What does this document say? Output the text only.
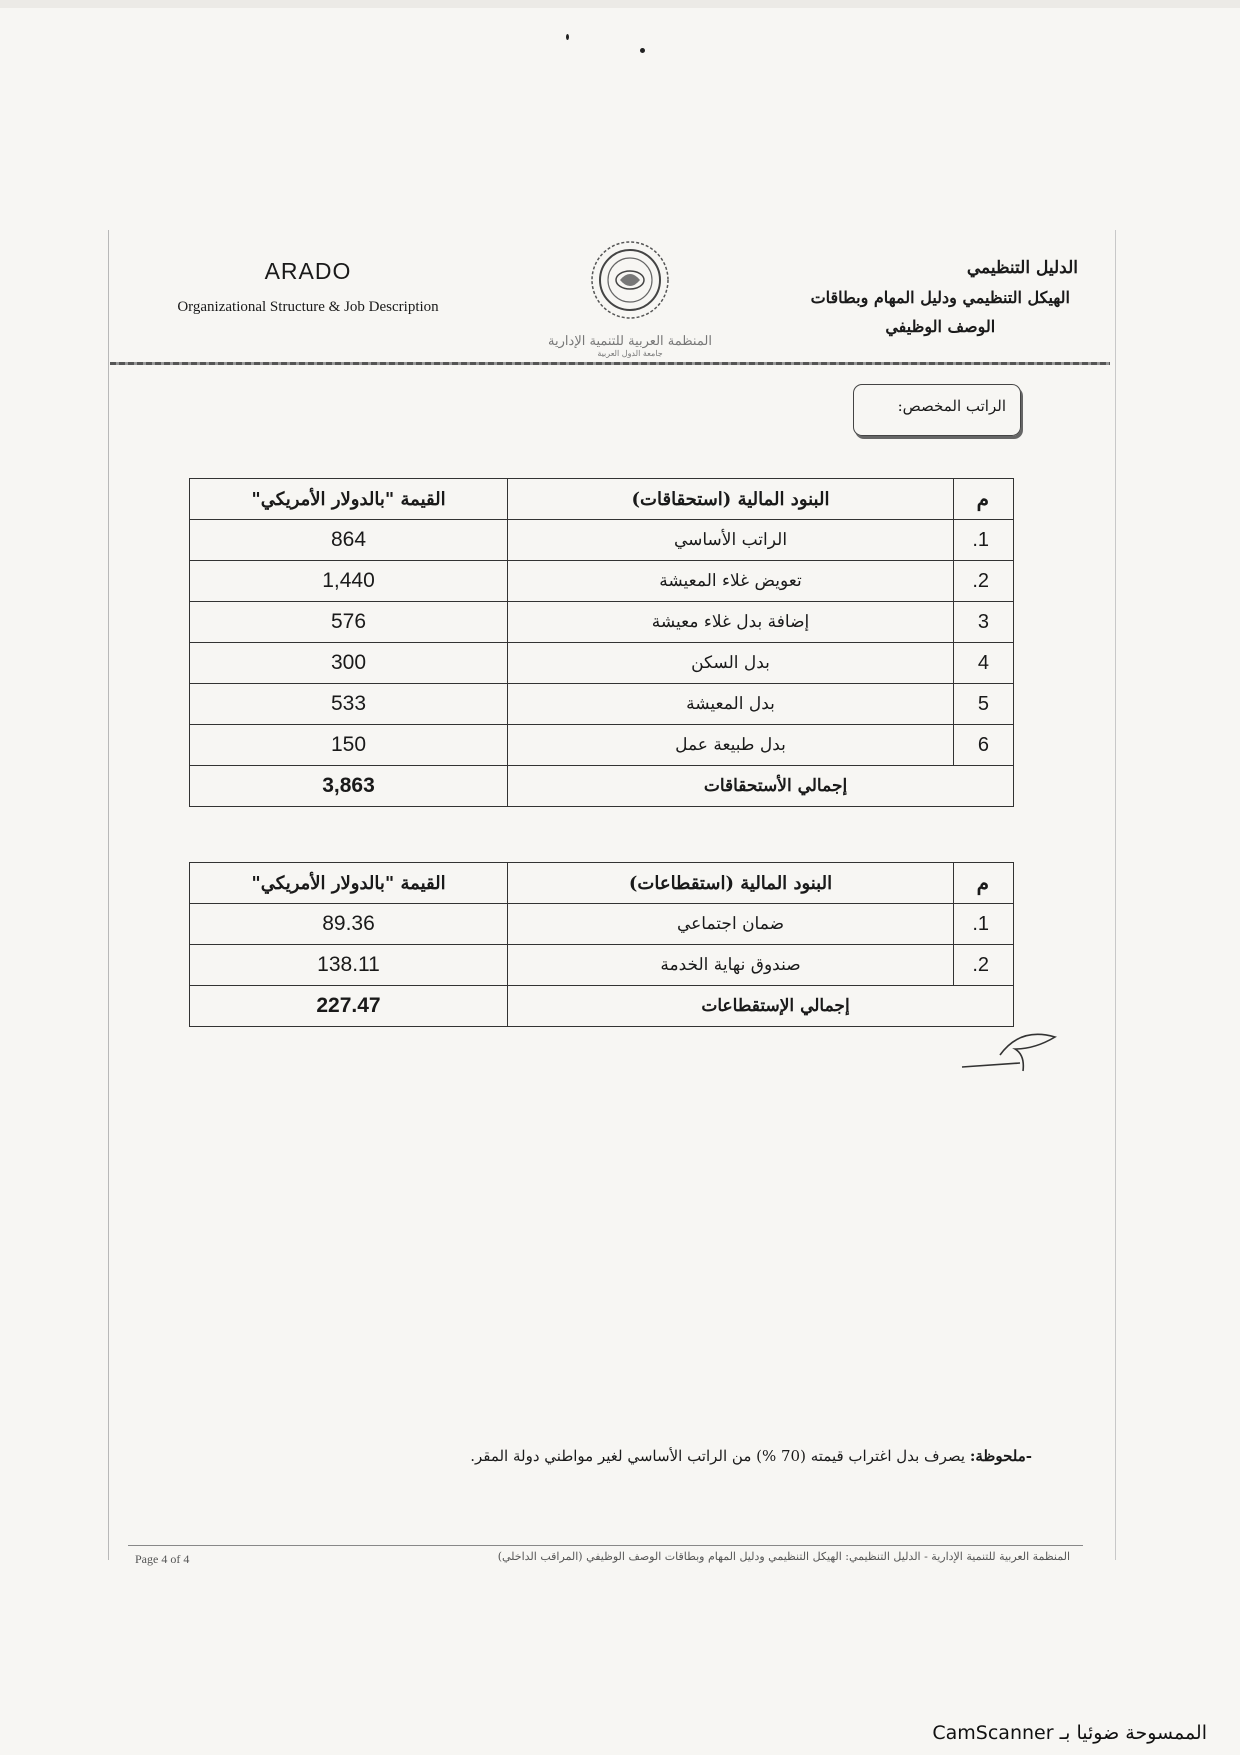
ARADO
Organizational Structure & Job Description
المنظمة العربية للتنمية الإدارية
جامعة الدول العربية
الدليل التنظيمي
الهيكل التنظيمي ودليل المهام وبطاقات
الوصف الوظيفي
الراتب المخصص:
م	البنود المالية (استحقاقات)	القيمة "بالدولار الأمريكي"
1.	الراتب الأساسي	864
2.	تعويض غلاء المعيشة	1,440
3	إضافة بدل غلاء معيشة	576
4	بدل السكن	300
5	بدل المعيشة	533
6	بدل طبيعة عمل	150
إجمالي الأستحقاقات		3,863
م	البنود المالية (استقطاعات)	القيمة "بالدولار الأمريكي"
1.	ضمان اجتماعي	89.36
2.	صندوق نهاية الخدمة	138.11
إجمالي الإستقطاعات		227.47
-ملحوظة: يصرف بدل اغتراب قيمته (70 %) من الراتب الأساسي لغير مواطني دولة المقر.
Page 4 of 4	المنظمة العربية للتنمية الإدارية - الدليل التنظيمي: الهيكل التنظيمي ودليل المهام وبطاقات الوصف الوظيفي (المراقب الداخلي)
الممسوحة ضوئيا بـ CamScanner
